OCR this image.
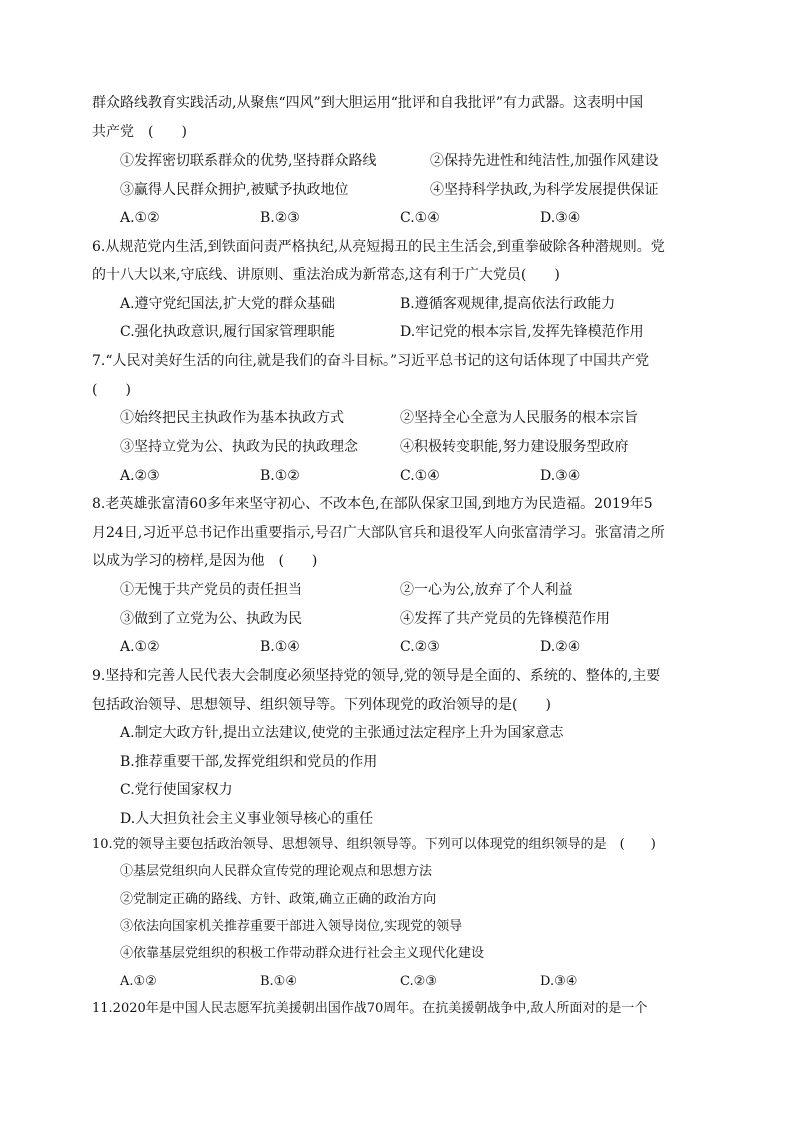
群众路线教育实践活动,从聚焦“四风”到大胆运用“批评和自我批评”有力武器。这表明中国
共产党　(　　)
①发挥密切联系群众的优势,坚持群众路线	②保持先进性和纯洁性,加强作风建设
③赢得人民群众拥护,被赋予执政地位	④坚持科学执政,为科学发展提供保证
A.①②	B.②③	C.①④	D.③④
6.从规范党内生活,到铁面问责严格执纪,从亮短揭丑的民主生活会,到重拳破除各种潜规则。党
的十八大以来,守底线、讲原则、重法治成为新常态,这有利于广大党员(　　)
A.遵守党纪国法,扩大党的群众基础	B.遵循客观规律,提高依法行政能力
C.强化执政意识,履行国家管理职能	D.牢记党的根本宗旨,发挥先锋模范作用
7.“人民对美好生活的向往,就是我们的奋斗目标。”习近平总书记的这句话体现了中国共产党
(　　)
①始终把民主执政作为基本执政方式	②坚持全心全意为人民服务的根本宗旨
③坚持立党为公、执政为民的执政理念	④积极转变职能,努力建设服务型政府
A.②③	B.①②	C.①④	D.③④
8.老英雄张富清60多年来坚守初心、不改本色,在部队保家卫国,到地方为民造福。2019年5
月24日,习近平总书记作出重要指示,号召广大部队官兵和退役军人向张富清学习。张富清之所
以成为学习的榜样,是因为他　(　　)
①无愧于共产党员的责任担当	②一心为公,放弃了个人利益
③做到了立党为公、执政为民	④发挥了共产党员的先锋模范作用
A.①②	B.①④	C.②③	D.②④
9.坚持和完善人民代表大会制度必须坚持党的领导,党的领导是全面的、系统的、整体的,主要
包括政治领导、思想领导、组织领导等。下列体现党的政治领导的是(　　)
A.制定大政方针,提出立法建议,使党的主张通过法定程序上升为国家意志
B.推荐重要干部,发挥党组织和党员的作用
C.党行使国家权力
D.人大担负社会主义事业领导核心的重任
10.党的领导主要包括政治领导、思想领导、组织领导等。下列可以体现党的组织领导的是　(　　)
①基层党组织向人民群众宣传党的理论观点和思想方法
②党制定正确的路线、方针、政策,确立正确的政治方向
③依法向国家机关推荐重要干部进入领导岗位,实现党的领导
④依靠基层党组织的积极工作带动群众进行社会主义现代化建设
A.①②	B.①④	C.②③	D.③④
11.2020年是中国人民志愿军抗美援朝出国作战70周年。在抗美援朝战争中,敌人所面对的是一个
